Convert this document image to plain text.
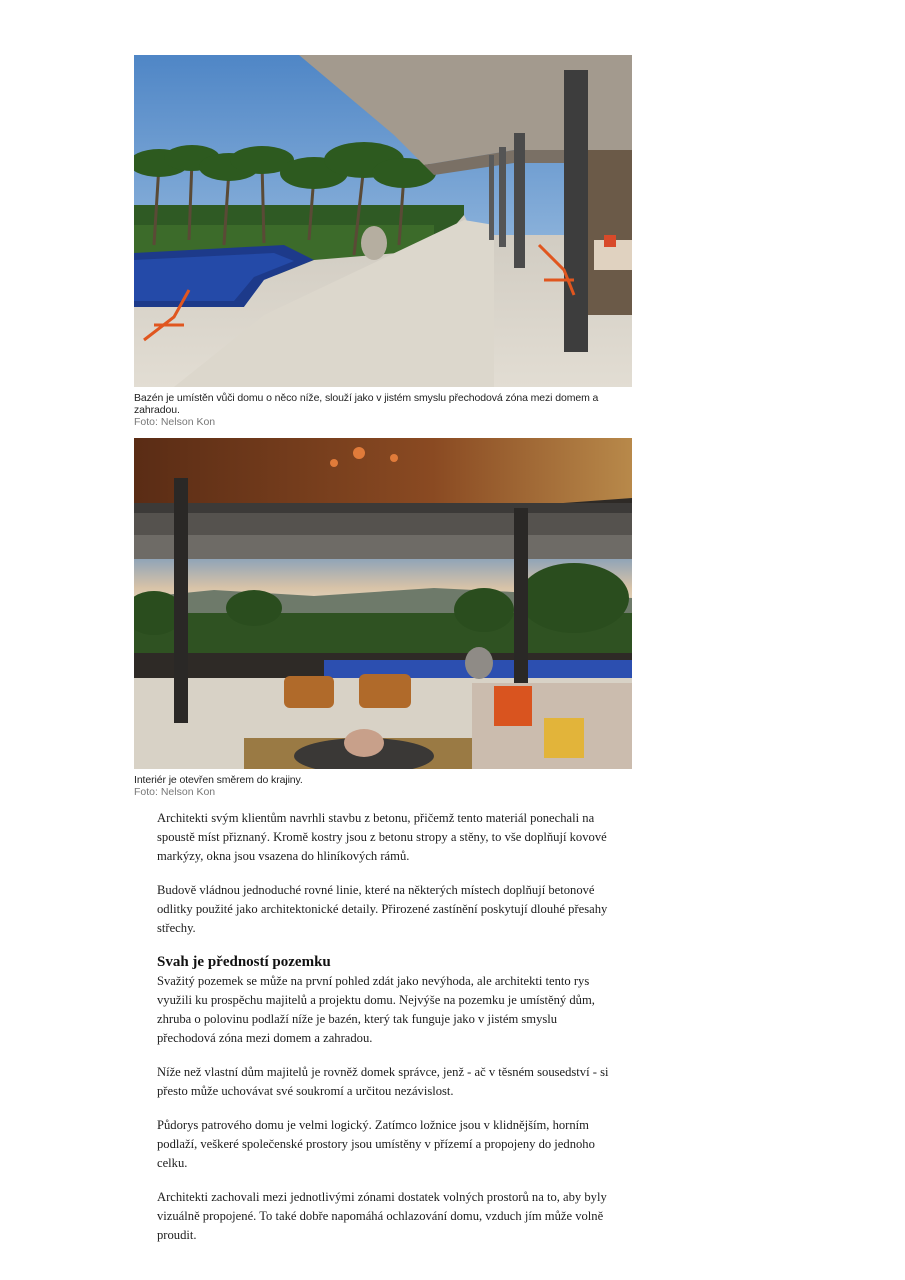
Bazén je umístěn vůči domu o něco níže, slouží jako v jistém smyslu přechodová zóna mezi domem a zahradou.
Foto: Nelson Kon
Interiér je otevřen směrem do krajiny.
Foto: Nelson Kon

Architekti svým klientům navrhli stavbu z betonu, přičemž tento materiál ponechali na spoustě míst přiznaný. Kromě kostry jsou z betonu stropy a stěny, to vše doplňují kovové markýzy, okna jsou vsazena do hliníkových rámů.

Budově vládnou jednoduché rovné linie, které na některých místech doplňují betonové odlitky použité jako architektonické detaily. Přirozené zastínění poskytují dlouhé přesahy střechy.

Svah je předností pozemku

Svažitý pozemek se může na první pohled zdát jako nevýhoda, ale architekti tento rys využili ku prospěchu majitelů a projektu domu. Nejvýše na pozemku je umístěný dům, zhruba o polovinu podlaží níže je bazén, který tak funguje jako v jistém smyslu přechodová zóna mezi domem a zahradou.

Níže než vlastní dům majitelů je rovněž domek správce, jenž - ač v těsném sousedství - si přesto může uchovávat své soukromí a určitou nezávislost.

Půdorys patrového domu je velmi logický. Zatímco ložnice jsou v klidnějším, horním podlaží, veškeré společenské prostory jsou umístěny v přízemí a propojeny do jednoho celku.

Architekti zachovali mezi jednotlivými zónami dostatek volných prostorů na to, aby byly vizuálně propojené. To také dobře napomáhá ochlazování domu, vzduch jím může volně proudit.
